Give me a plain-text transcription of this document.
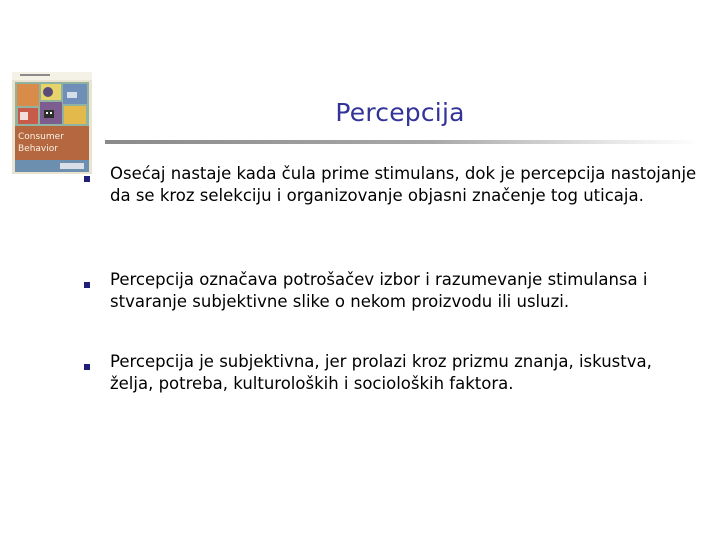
Consumer
Behavior
Percepcija
Osećaj nastaje kada čula prime stimulans, dok je percepcija nastojanje da se kroz selekciju i organizovanje objasni značenje tog uticaja.
Percepcija označava potrošačev izbor i razumevanje stimulansa i stvaranje subjektivne slike o nekom proizvodu ili usluzi.
Percepcija je subjektivna, jer prolazi kroz prizmu znanja, iskustva, želja, potreba, kulturoloških i socioloških faktora.
